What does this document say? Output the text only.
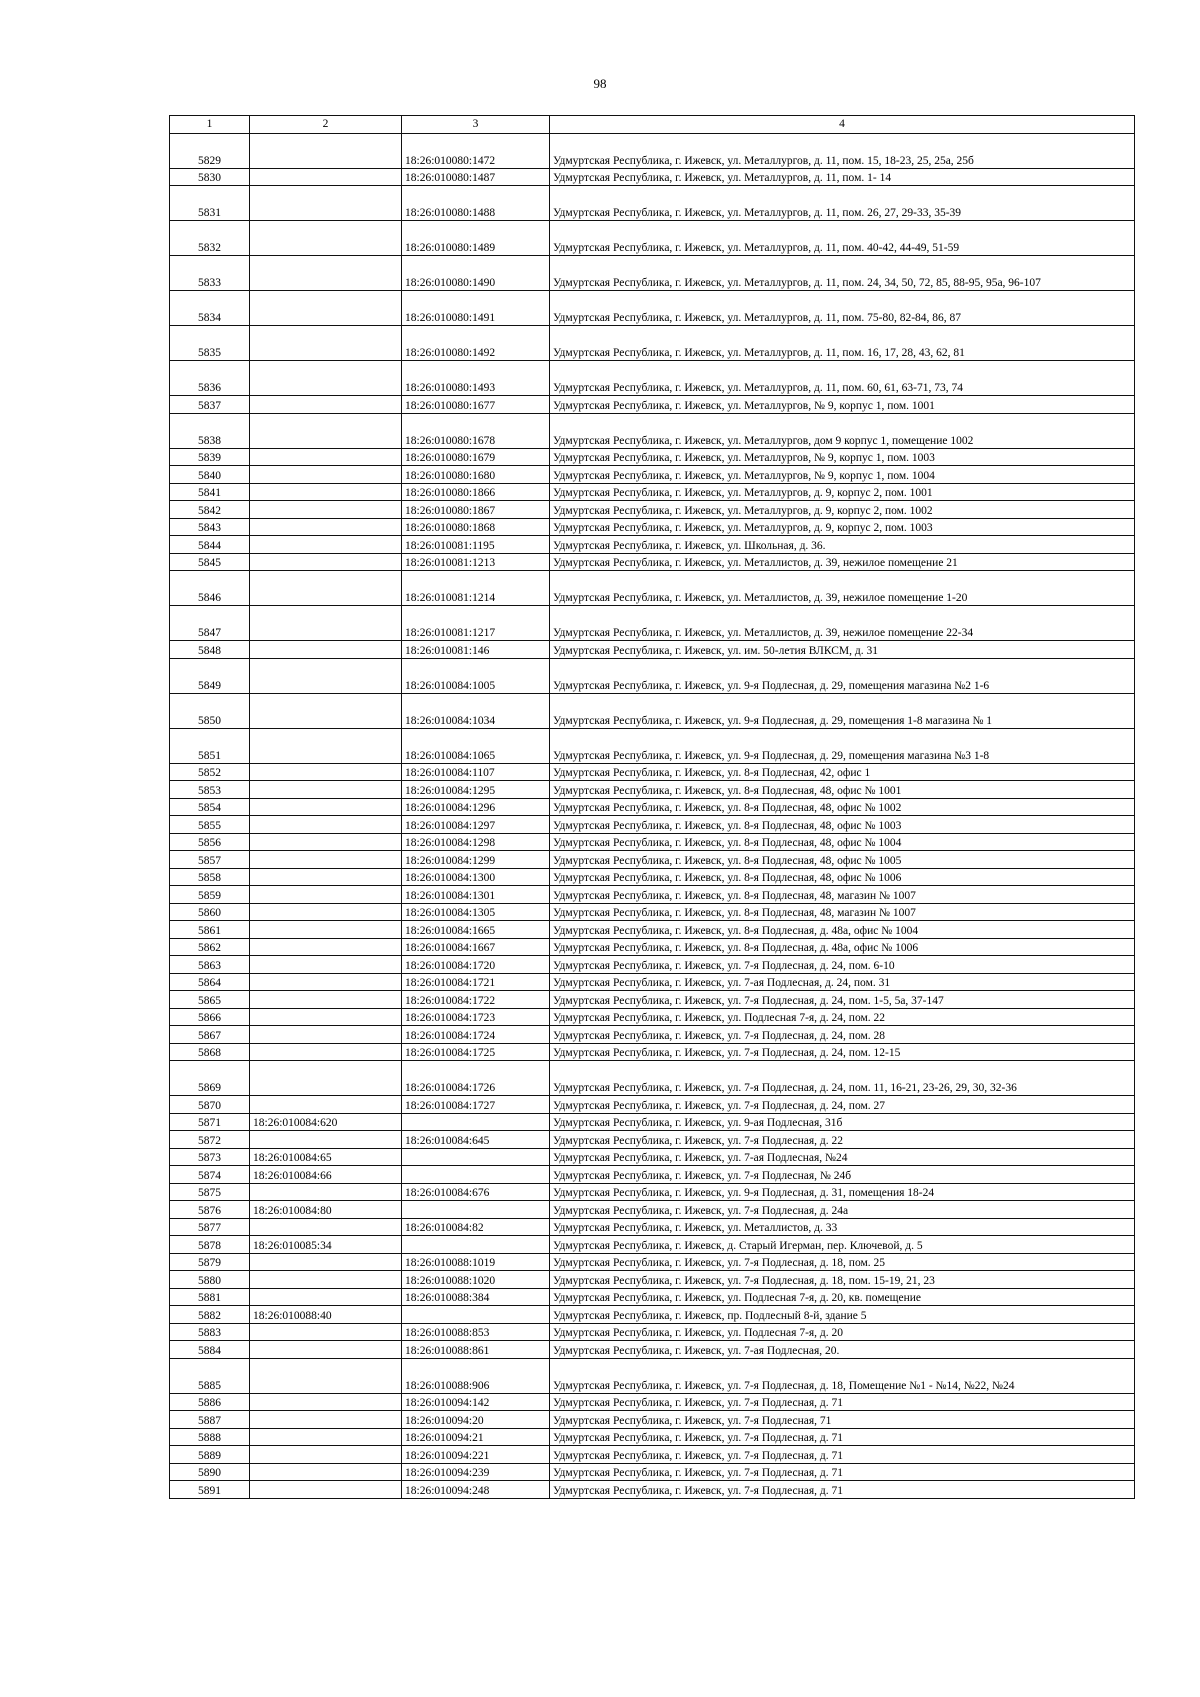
98
1	2	3	4
5829		18:26:010080:1472	Удмуртская Республика, г. Ижевск, ул. Металлургов, д. 11, пом. 15, 18-23, 25, 25а, 25б
5830		18:26:010080:1487	Удмуртская Республика, г. Ижевск, ул. Металлургов, д. 11, пом. 1- 14
5831		18:26:010080:1488	Удмуртская Республика, г. Ижевск, ул. Металлургов, д. 11, пом. 26, 27, 29-33, 35-39
5832		18:26:010080:1489	Удмуртская Республика, г. Ижевск, ул. Металлургов, д. 11, пом. 40-42, 44-49, 51-59
5833		18:26:010080:1490	Удмуртская Республика, г. Ижевск, ул. Металлургов, д. 11, пом. 24, 34, 50, 72, 85, 88-95, 95а, 96-107
5834		18:26:010080:1491	Удмуртская Республика, г. Ижевск, ул. Металлургов, д. 11, пом. 75-80, 82-84, 86, 87
5835		18:26:010080:1492	Удмуртская Республика, г. Ижевск, ул. Металлургов, д. 11, пом. 16, 17, 28, 43, 62, 81
5836		18:26:010080:1493	Удмуртская Республика, г. Ижевск, ул. Металлургов, д. 11, пом. 60, 61, 63-71, 73, 74
5837		18:26:010080:1677	Удмуртская Республика, г. Ижевск, ул. Металлургов, № 9, корпус 1, пом. 1001
5838		18:26:010080:1678	Удмуртская Республика, г. Ижевск, ул. Металлургов, дом 9 корпус 1, помещение 1002
5839		18:26:010080:1679	Удмуртская Республика, г. Ижевск, ул. Металлургов, № 9, корпус 1, пом. 1003
5840		18:26:010080:1680	Удмуртская Республика, г. Ижевск, ул. Металлургов, № 9, корпус 1, пом. 1004
5841		18:26:010080:1866	Удмуртская Республика, г. Ижевск, ул. Металлургов, д. 9, корпус 2, пом. 1001
5842		18:26:010080:1867	Удмуртская Республика, г. Ижевск, ул. Металлургов, д. 9, корпус 2, пом. 1002
5843		18:26:010080:1868	Удмуртская Республика, г. Ижевск, ул. Металлургов, д. 9, корпус 2, пом. 1003
5844		18:26:010081:1195	Удмуртская Республика, г. Ижевск, ул. Школьная, д. 36.
5845		18:26:010081:1213	Удмуртская Республика, г. Ижевск, ул. Металлистов, д. 39, нежилое помещение 21
5846		18:26:010081:1214	Удмуртская Республика, г. Ижевск, ул. Металлистов, д. 39, нежилое помещение 1-20
5847		18:26:010081:1217	Удмуртская Республика, г. Ижевск, ул. Металлистов, д. 39, нежилое помещение 22-34
5848		18:26:010081:146	Удмуртская Республика, г. Ижевск, ул. им. 50-летия ВЛКСМ, д. 31
5849		18:26:010084:1005	Удмуртская Республика, г. Ижевск, ул. 9-я Подлесная, д. 29, помещения магазина №2 1-6
5850		18:26:010084:1034	Удмуртская Республика, г. Ижевск, ул. 9-я Подлесная, д. 29, помещения 1-8 магазина № 1
5851		18:26:010084:1065	Удмуртская Республика, г. Ижевск, ул. 9-я Подлесная, д. 29, помещения магазина №3 1-8
5852		18:26:010084:1107	Удмуртская Республика, г. Ижевск, ул. 8-я Подлесная, 42, офис 1
5853		18:26:010084:1295	Удмуртская Республика, г. Ижевск, ул. 8-я Подлесная, 48, офис № 1001
5854		18:26:010084:1296	Удмуртская Республика, г. Ижевск, ул. 8-я Подлесная, 48, офис № 1002
5855		18:26:010084:1297	Удмуртская Республика, г. Ижевск, ул. 8-я Подлесная, 48, офис № 1003
5856		18:26:010084:1298	Удмуртская Республика, г. Ижевск, ул. 8-я Подлесная, 48, офис № 1004
5857		18:26:010084:1299	Удмуртская Республика, г. Ижевск, ул. 8-я Подлесная, 48, офис № 1005
5858		18:26:010084:1300	Удмуртская Республика, г. Ижевск, ул. 8-я Подлесная, 48, офис № 1006
5859		18:26:010084:1301	Удмуртская Республика, г. Ижевск, ул. 8-я Подлесная, 48, магазин № 1007
5860		18:26:010084:1305	Удмуртская Республика, г. Ижевск, ул. 8-я Подлесная, 48, магазин № 1007
5861		18:26:010084:1665	Удмуртская Республика, г. Ижевск, ул. 8-я Подлесная, д. 48а, офис № 1004
5862		18:26:010084:1667	Удмуртская Республика, г. Ижевск, ул. 8-я Подлесная, д. 48а, офис № 1006
5863		18:26:010084:1720	Удмуртская Республика, г. Ижевск, ул. 7-я Подлесная, д. 24, пом. 6-10
5864		18:26:010084:1721	Удмуртская Республика, г. Ижевск, ул. 7-ая Подлесная, д. 24, пом. 31
5865		18:26:010084:1722	Удмуртская Республика, г. Ижевск, ул. 7-я Подлесная, д. 24, пом. 1-5, 5а, 37-147
5866		18:26:010084:1723	Удмуртская Республика, г. Ижевск, ул. Подлесная 7-я, д. 24, пом. 22
5867		18:26:010084:1724	Удмуртская Республика, г. Ижевск, ул. 7-я Подлесная, д. 24, пом. 28
5868		18:26:010084:1725	Удмуртская Республика, г. Ижевск, ул. 7-я Подлесная, д. 24, пом. 12-15
5869		18:26:010084:1726	Удмуртская Республика, г. Ижевск, ул. 7-я Подлесная, д. 24, пом. 11, 16-21, 23-26, 29, 30, 32-36
5870		18:26:010084:1727	Удмуртская Республика, г. Ижевск, ул. 7-я Подлесная, д. 24, пом. 27
5871	18:26:010084:620		Удмуртская Республика, г. Ижевск, ул. 9-ая Подлесная, 31б
5872		18:26:010084:645	Удмуртская Республика, г. Ижевск, ул. 7-я Подлесная, д. 22
5873	18:26:010084:65		Удмуртская Республика, г. Ижевск, ул. 7-ая Подлесная, №24
5874	18:26:010084:66		Удмуртская Республика, г. Ижевск, ул. 7-я Подлесная, № 24б
5875		18:26:010084:676	Удмуртская Республика, г. Ижевск, ул. 9-я Подлесная, д. 31, помещения 18-24
5876	18:26:010084:80		Удмуртская Республика, г. Ижевск, ул. 7-я Подлесная, д. 24а
5877		18:26:010084:82	Удмуртская Республика, г. Ижевск, ул. Металлистов, д. 33
5878	18:26:010085:34		Удмуртская Республика, г. Ижевск, д. Старый Игерман, пер. Ключевой, д. 5
5879		18:26:010088:1019	Удмуртская Республика, г. Ижевск, ул. 7-я Подлесная, д. 18, пом. 25
5880		18:26:010088:1020	Удмуртская Республика, г. Ижевск, ул. 7-я Подлесная, д. 18, пом. 15-19, 21, 23
5881		18:26:010088:384	Удмуртская Республика, г. Ижевск, ул. Подлесная 7-я, д. 20, кв. помещение
5882	18:26:010088:40		Удмуртская Республика, г. Ижевск, пр. Подлесный 8-й, здание 5
5883		18:26:010088:853	Удмуртская Республика, г. Ижевск, ул. Подлесная 7-я, д. 20
5884		18:26:010088:861	Удмуртская Республика, г. Ижевск, ул. 7-ая Подлесная, 20.
5885		18:26:010088:906	Удмуртская Республика, г. Ижевск, ул. 7-я Подлесная, д. 18, Помещение №1 - №14, №22, №24
5886		18:26:010094:142	Удмуртская Республика, г. Ижевск, ул. 7-я Подлесная, д. 71
5887		18:26:010094:20	Удмуртская Республика, г. Ижевск, ул. 7-я Подлесная, 71
5888		18:26:010094:21	Удмуртская Республика, г. Ижевск, ул. 7-я Подлесная, д. 71
5889		18:26:010094:221	Удмуртская Республика, г. Ижевск, ул. 7-я Подлесная, д. 71
5890		18:26:010094:239	Удмуртская Республика, г. Ижевск, ул. 7-я Подлесная, д. 71
5891		18:26:010094:248	Удмуртская Республика, г. Ижевск, ул. 7-я Подлесная, д. 71
